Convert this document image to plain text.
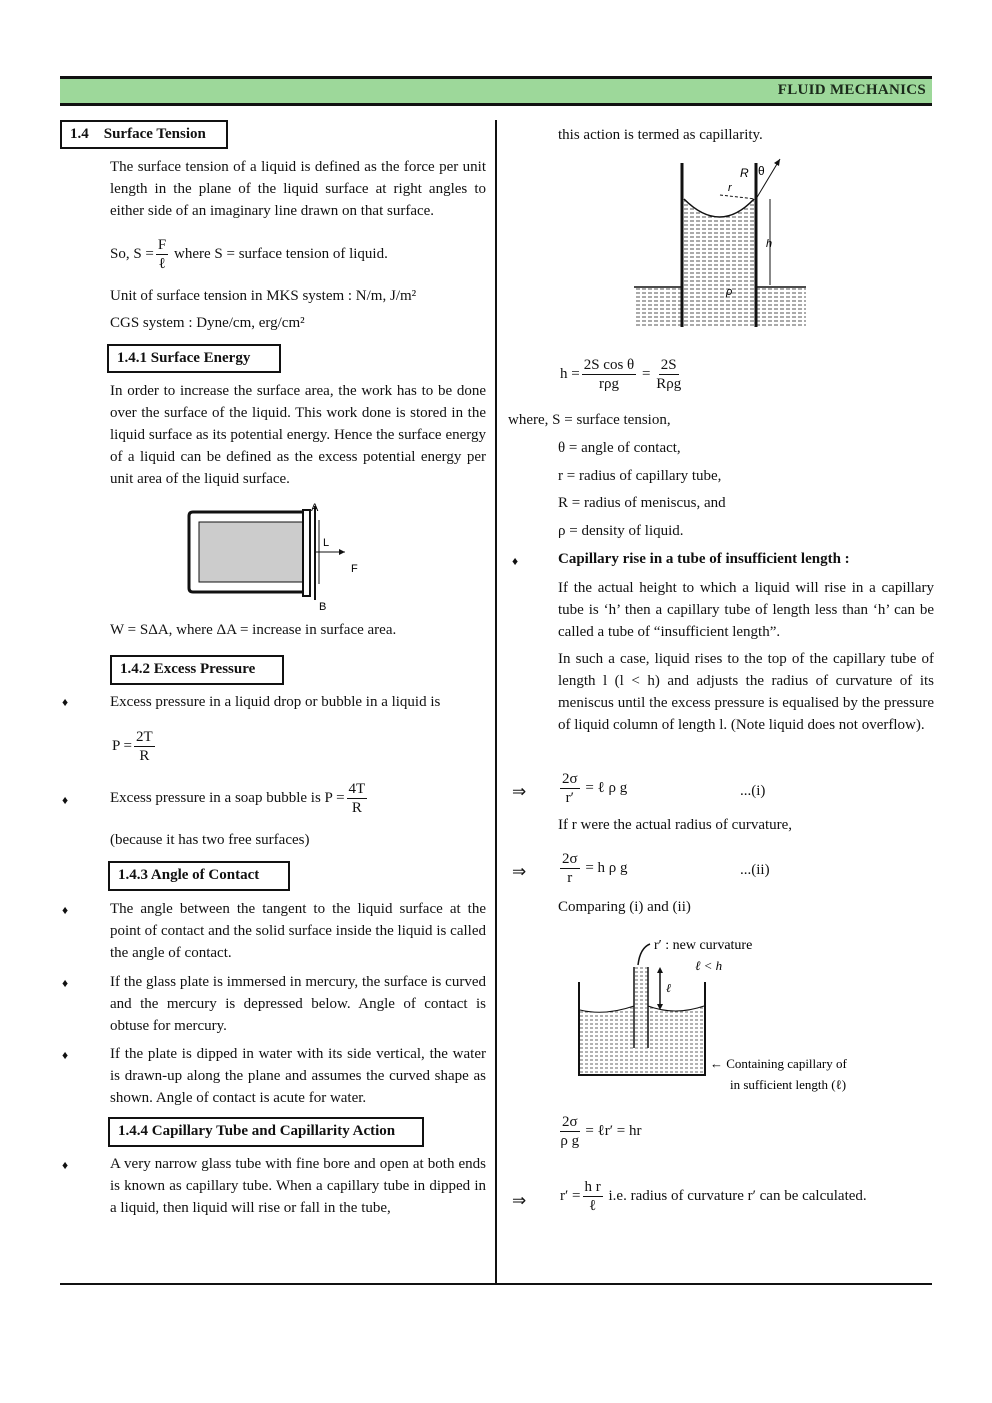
FLUID MECHANICS
1.4 Surface Tension
The surface tension of a liquid is defined as the force per unit length in the plane of the liquid surface at right angles to either side of an imaginary line drawn on that surface.
So, $S = \frac{F}{\text{ℓ}}$ where S = surface tension of liquid.
Unit of surface tension in MKS system : N/m, J/m²
CGS system : Dyne/cm, erg/cm²
1.4.1 Surface Energy
In order to increase the surface area, the work has to be done over the surface of the liquid. This work done is stored in the liquid surface as its potential energy. Hence the surface energy of a liquid can be defined as the excess potential energy per unit area of the liquid surface.
A
B
L
F
W = SΔA, where ΔA = increase in surface area.
1.4.2 Excess Pressure
♦	Excess pressure in a liquid drop or bubble in a liquid is
$P = \frac{2T}{R}$
♦	Excess pressure in a soap bubble is $P = \frac{4T}{R}$
(because it has two free surfaces)
1.4.3 Angle of Contact
♦	The angle between the tangent to the liquid surface at the point of contact and the solid surface inside the liquid is called the angle of contact.
♦	If the glass plate is immersed in mercury, the surface is curved and the mercury is depressed below. Angle of contact is obtuse for mercury.
♦	If the plate is dipped in water with its side vertical, the water is drawn-up along the plane and assumes the curved shape as shown. Angle of contact is acute for water.
1.4.4 Capillary Tube and Capillarity Action
♦	A very narrow glass tube with fine bore and open at both ends is known as capillary tube. When a capillary tube in dipped in a liquid, then liquid will rise or fall in the tube,
this action is termed as capillarity.
R θ
r
h
ρ
$h = \frac{\text{2S cos θ}}{\text{rρg}} = \frac{2S}{\text{Rρg}}$
where, S = surface tension,
θ = angle of contact,
r = radius of capillary tube,
R = radius of meniscus, and
ρ = density of liquid.
♦	Capillary rise in a tube of insufficient length :
If the actual height to which a liquid will rise in a capillary tube is ‘h’ then a capillary tube of length less than ‘h’ can be called a tube of “insufficient length”.
In such a case, liquid rises to the top of the capillary tube of length l (l < h) and adjusts the radius of curvature of its meniscus until the excess pressure is equalised by the pressure of liquid column of length l. (Note liquid does not overflow).
⇒ $\frac{2\sigma}{r'}$ = ℓ ρ g	...(i)
If r were the actual radius of curvature,
⇒ $\frac{2\sigma}{r} = h$ ρ g	...(ii)
Comparing (i) and (ii)
r′ : new curvature
ℓ < h
ℓ
← Containing capillary of
in sufficient length (ℓ)
$\frac{2\sigma}{\text{ρ g}}$ = ℓr′ = hr
⇒ $r' = \frac{\text{h r}}{\text{ℓ}} i.e$. radius of curvature r′ can be calculated.
